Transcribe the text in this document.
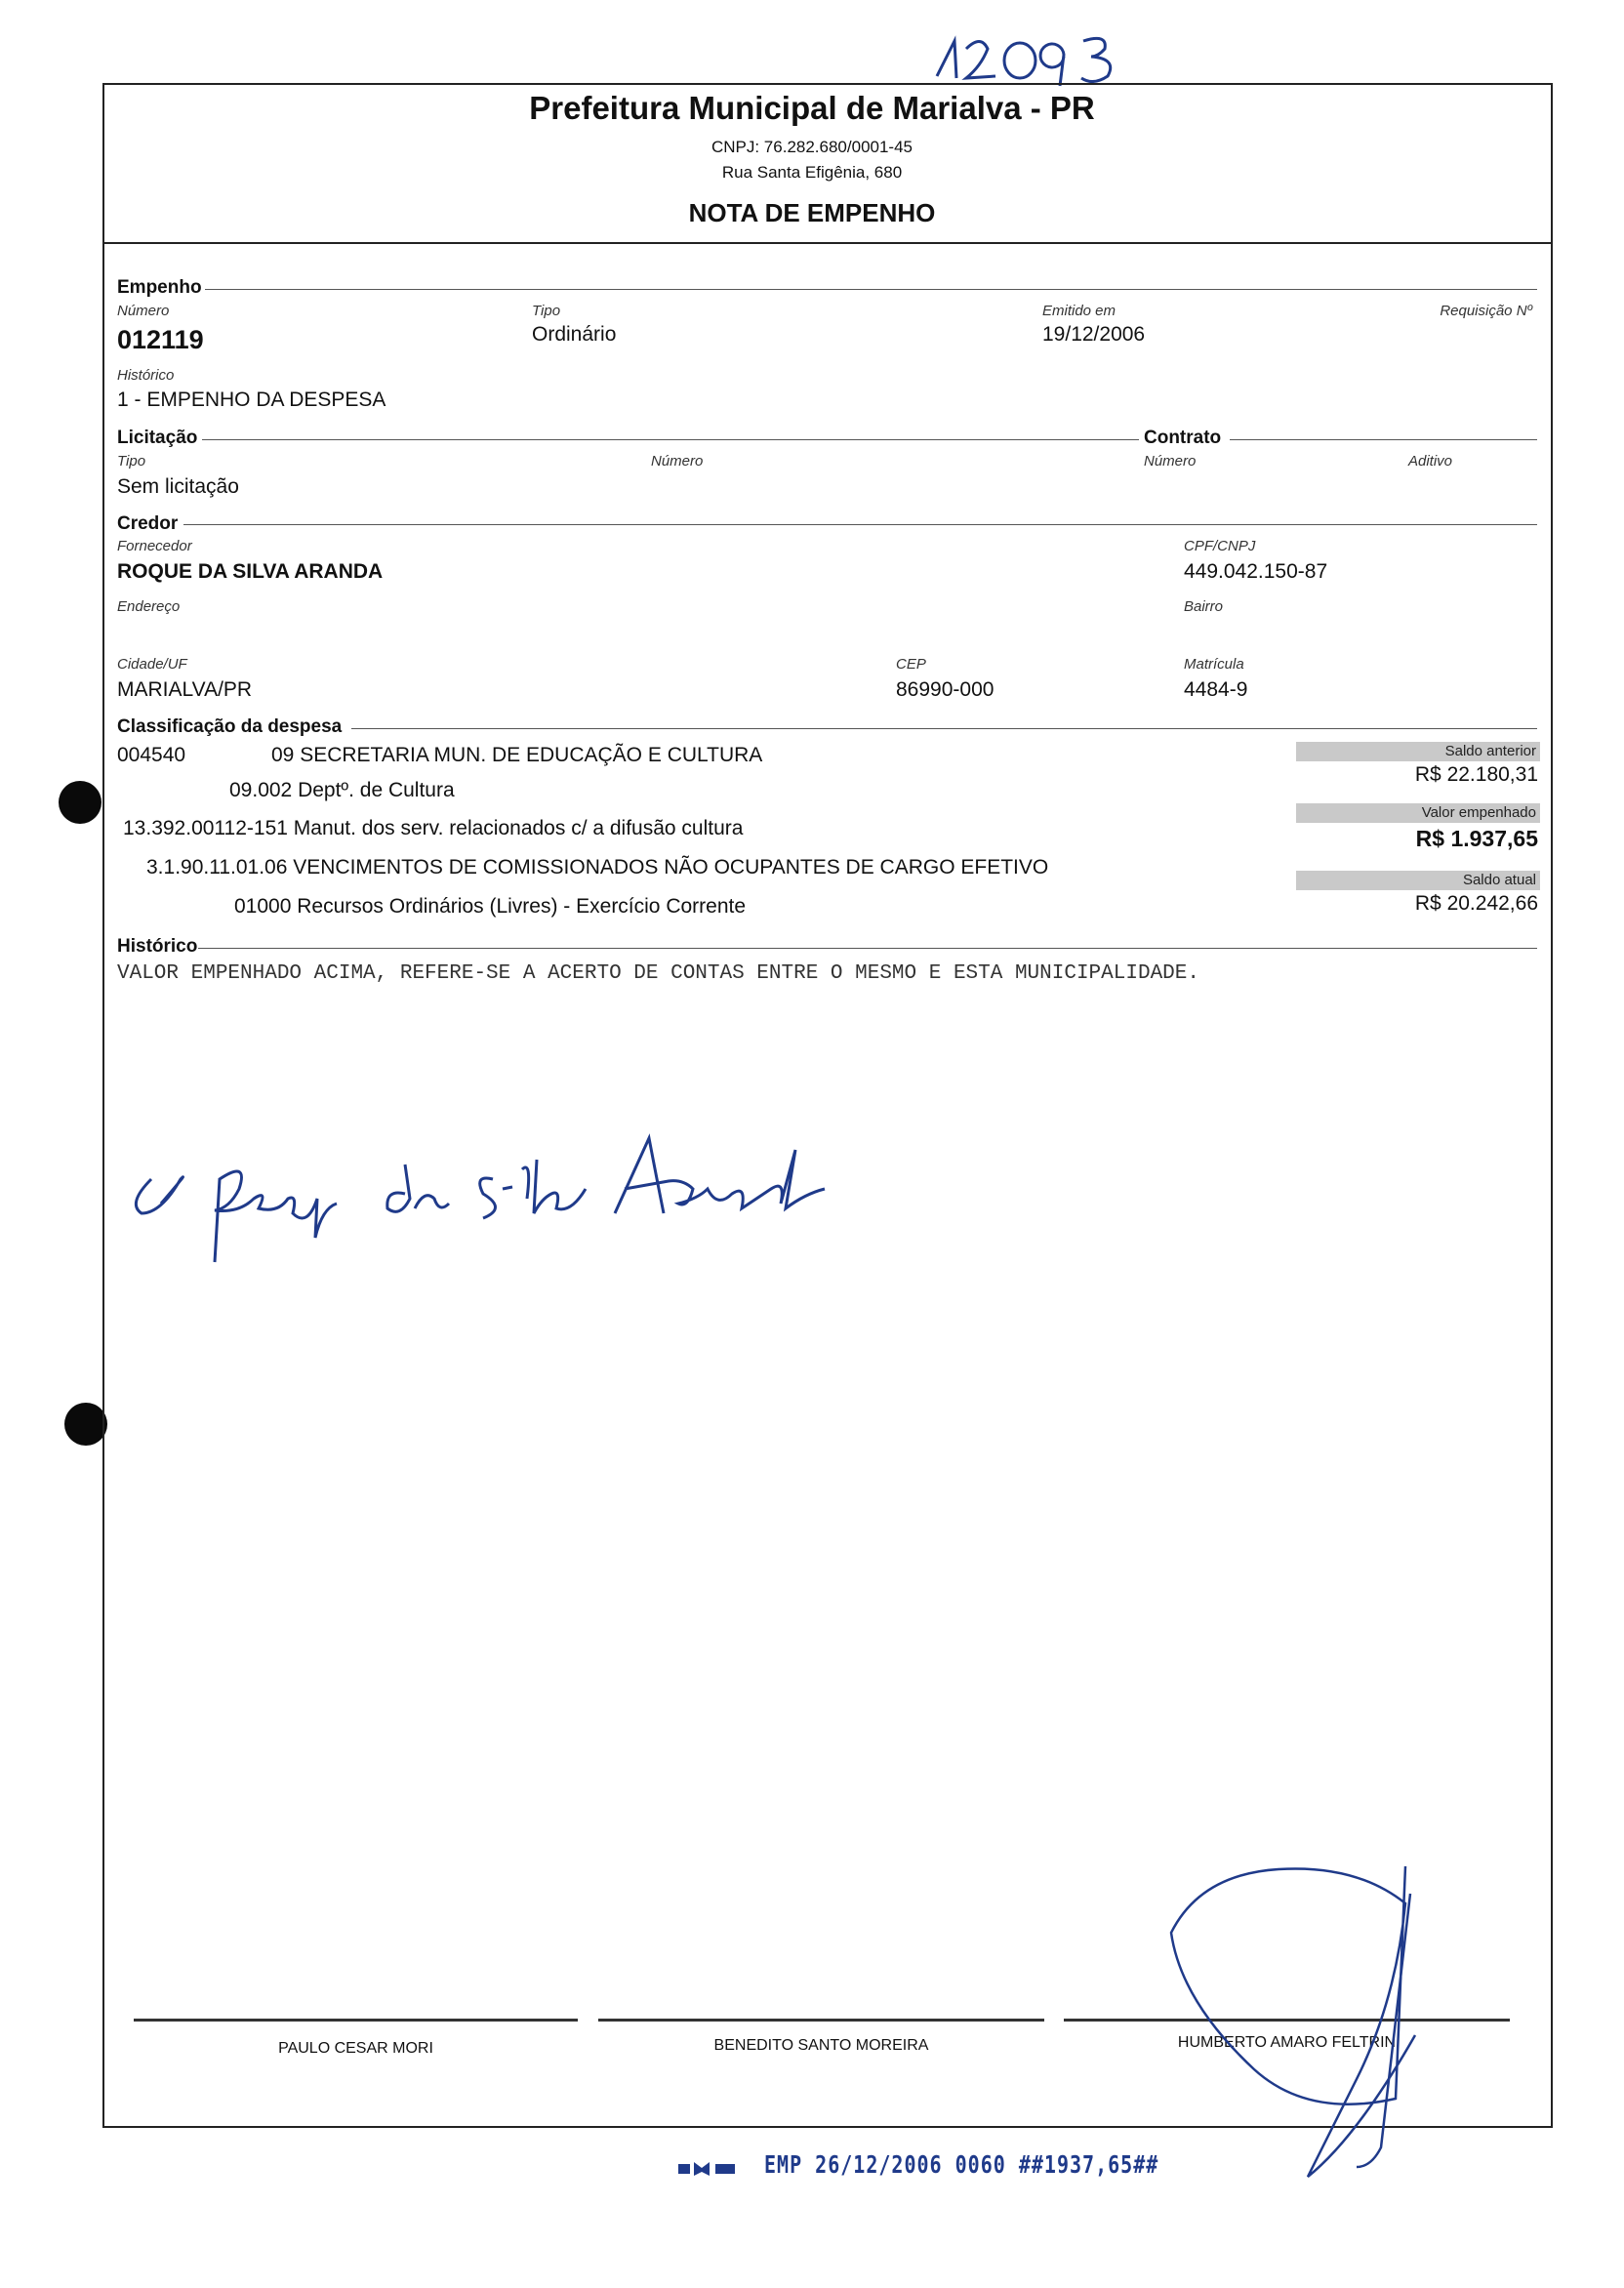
Prefeitura Municipal de Marialva - PR
CNPJ: 76.282.680/0001-45
Rua Santa Efigênia, 680
NOTA DE EMPENHO
Empenho
Número
012119
Tipo
Ordinário
Emitido em
19/12/2006
Requisição Nº
Histórico
1 - EMPENHO DA DESPESA
Licitação	Contrato
Tipo
Sem licitação
Número	Número	Aditivo
Credor
Fornecedor
ROQUE DA SILVA ARANDA
CPF/CNPJ
449.042.150-87
Endereço	Bairro
Cidade/UF
MARIALVA/PR
CEP
86990-000
Matrícula
4484-9
Classificação da despesa
004540	09 SECRETARIA MUN. DE EDUCAÇÃO E CULTURA
09.002 Deptº. de Cultura
13.392.00112-151 Manut. dos serv. relacionados c/ a difusão cultura
3.1.90.11.01.06 VENCIMENTOS DE COMISSIONADOS NÃO OCUPANTES DE CARGO EFETIVO
01000 Recursos Ordinários (Livres) - Exercício Corrente
Saldo anterior
R$ 22.180,31
Valor empenhado
R$ 1.937,65
Saldo atual
R$ 20.242,66
Histórico
VALOR EMPENHADO ACIMA, REFERE-SE A ACERTO DE CONTAS ENTRE O MESMO E ESTA MUNICIPALIDADE.
PAULO CESAR MORI	BENEDITO SANTO MOREIRA	HUMBERTO AMARO FELTRIN
EMP 26/12/2006 0060 ##1937,65##
